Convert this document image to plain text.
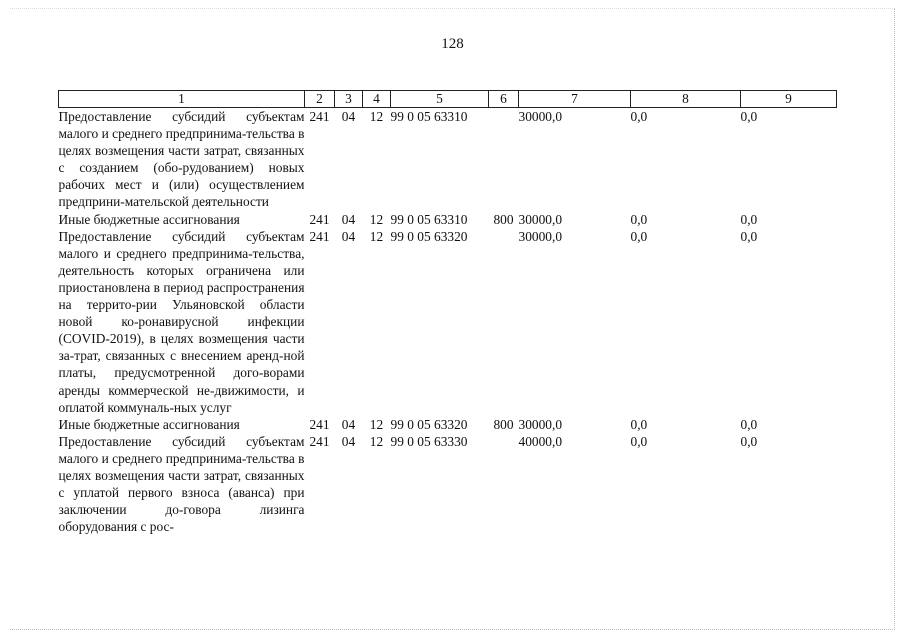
128
1	2	3	4	5	6	7	8	9
Предоставление субсидий субъектам малого и среднего предпринима-тельства в целях возмещения части затрат, связанных с созданием (обо-рудованием) новых рабочих мест и (или) осуществлением предприни-мательской деятельности	241	04	12	99 0 05 63310		30000,0	0,0	0,0
Иные бюджетные ассигнования	241	04	12	99 0 05 63310	800	30000,0	0,0	0,0
Предоставление субсидий субъектам малого и среднего предпринима-тельства, деятельность которых ограничена или приостановлена в период распространения на террито-рии Ульяновской области новой ко-ронавирусной инфекции (COVID-2019), в целях возмещения части за-трат, связанных с внесением аренд-ной платы, предусмотренной дого-ворами аренды коммерческой не-движимости, и оплатой коммуналь-ных услуг	241	04	12	99 0 05 63320		30000,0	0,0	0,0
Иные бюджетные ассигнования	241	04	12	99 0 05 63320	800	30000,0	0,0	0,0
Предоставление субсидий субъектам малого и среднего предпринима-тельства в целях возмещения части затрат, связанных с уплатой первого взноса (аванса) при заключении до-говора лизинга оборудования с рос-	241	04	12	99 0 05 63330		40000,0	0,0	0,0
